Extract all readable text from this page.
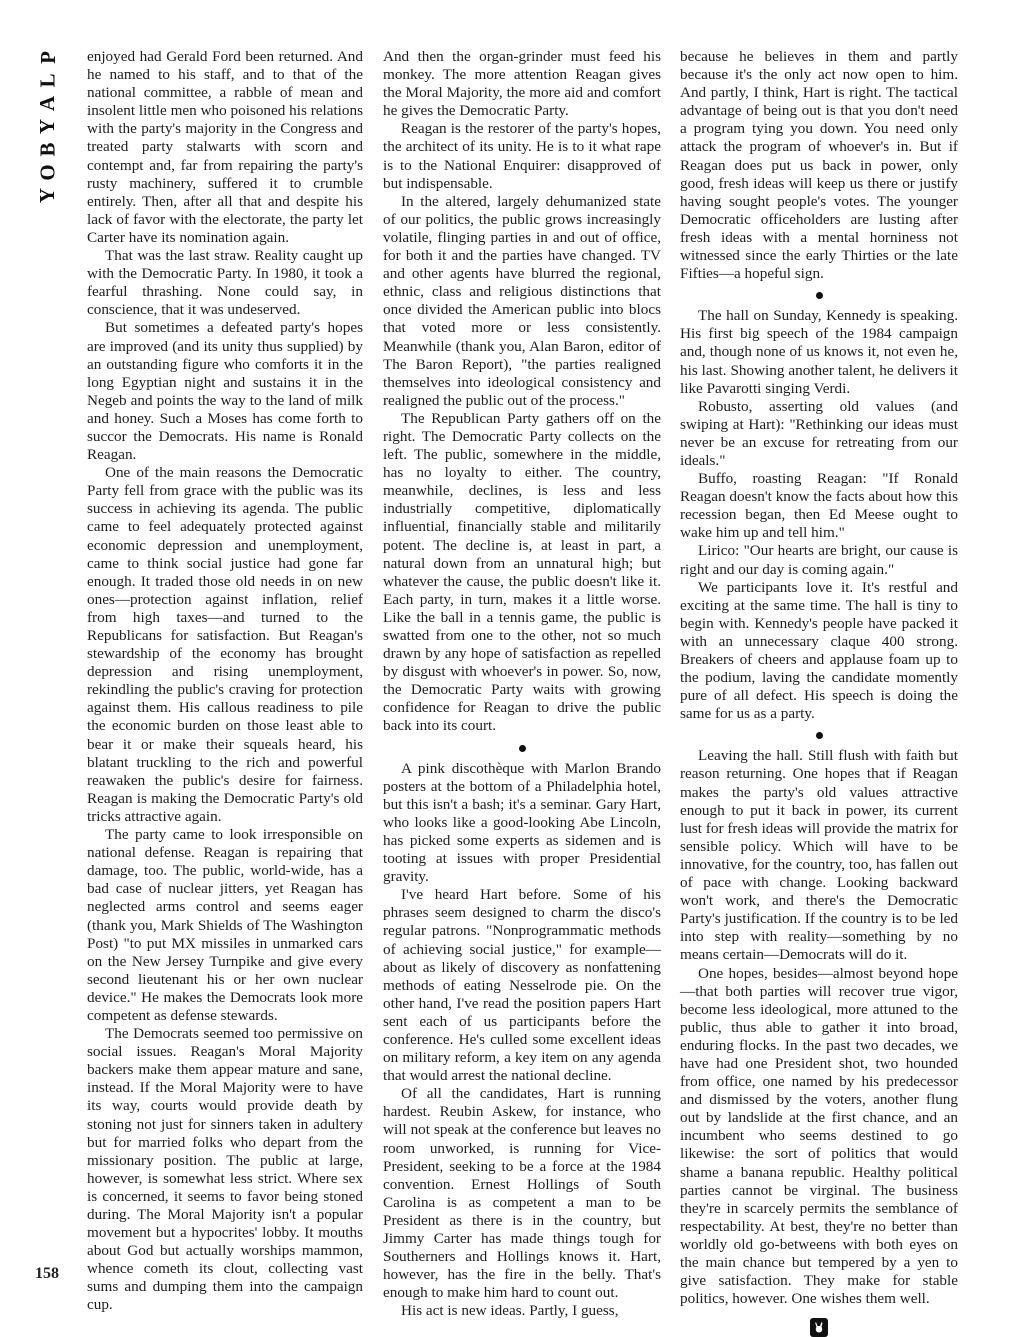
P
L
A
Y
B
O
Y
158

enjoyed had Gerald Ford been returned. And he named to his staff, and to that of the national committee, a rabble of mean and insolent little men who poisoned his relations with the party's majority in the Congress and treated party stalwarts with scorn and contempt and, far from repairing the party's rusty machinery, suffered it to crumble entirely. Then, after all that and despite his lack of favor with the electorate, the party let Carter have its nomination again.

That was the last straw. Reality caught up with the Democratic Party. In 1980, it took a fearful thrashing. None could say, in conscience, that it was undeserved.

But sometimes a defeated party's hopes are improved (and its unity thus supplied) by an outstanding figure who comforts it in the long Egyptian night and sustains it in the Negeb and points the way to the land of milk and honey. Such a Moses has come forth to succor the Democrats. His name is Ronald Reagan.

One of the main reasons the Democratic Party fell from grace with the public was its success in achieving its agenda. The public came to feel adequately protected against economic depression and unemployment, came to think social justice had gone far enough. It traded those old needs in on new ones—protection against inflation, relief from high taxes—and turned to the Republicans for satisfaction. But Reagan's stewardship of the economy has brought depression and rising unemployment, rekindling the public's craving for protection against them. His callous readiness to pile the economic burden on those least able to bear it or make their squeals heard, his blatant truckling to the rich and powerful reawaken the public's desire for fairness. Reagan is making the Democratic Party's old tricks attractive again.

The party came to look irresponsible on national defense. Reagan is repairing that damage, too. The public, world-wide, has a bad case of nuclear jitters, yet Reagan has neglected arms control and seems eager (thank you, Mark Shields of The Washington Post) "to put MX missiles in unmarked cars on the New Jersey Turnpike and give every second lieutenant his or her own nuclear device." He makes the Democrats look more competent as defense stewards.

The Democrats seemed too permissive on social issues. Reagan's Moral Majority backers make them appear mature and sane, instead. If the Moral Majority were to have its way, courts would provide death by stoning not just for sinners taken in adultery but for married folks who depart from the missionary position. The public at large, however, is somewhat less strict. Where sex is concerned, it seems to favor being stoned during. The Moral Majority isn't a popular movement but a hypocrites' lobby. It mouths about God but actually worships mammon, whence cometh its clout, collecting vast sums and dumping them into the campaign cup.

And then the organ-grinder must feed his monkey. The more attention Reagan gives the Moral Majority, the more aid and comfort he gives the Democratic Party.

Reagan is the restorer of the party's hopes, the architect of its unity. He is to it what rape is to the National Enquirer: disapproved of but indispensable.

In the altered, largely dehumanized state of our politics, the public grows increasingly volatile, flinging parties in and out of office, for both it and the parties have changed. TV and other agents have blurred the regional, ethnic, class and religious distinctions that once divided the American public into blocs that voted more or less consistently. Meanwhile (thank you, Alan Baron, editor of The Baron Report), "the parties realigned themselves into ideological consistency and realigned the public out of the process."

The Republican Party gathers off on the right. The Democratic Party collects on the left. The public, somewhere in the middle, has no loyalty to either. The country, meanwhile, declines, is less and less industrially competitive, diplomatically influential, financially stable and militarily potent. The decline is, at least in part, a natural down from an unnatural high; but whatever the cause, the public doesn't like it. Each party, in turn, makes it a little worse. Like the ball in a tennis game, the public is swatted from one to the other, not so much drawn by any hope of satisfaction as repelled by disgust with whoever's in power. So, now, the Democratic Party waits with growing confidence for Reagan to drive the public back into its court.

A pink discothèque with Marlon Brando posters at the bottom of a Philadelphia hotel, but this isn't a bash; it's a seminar. Gary Hart, who looks like a good-looking Abe Lincoln, has picked some experts as sidemen and is tooting at issues with proper Presidential gravity.

I've heard Hart before. Some of his phrases seem designed to charm the disco's regular patrons. "Nonprogrammatic methods of achieving social justice," for example—about as likely of discovery as nonfattening methods of eating Nesselrode pie. On the other hand, I've read the position papers Hart sent each of us participants before the conference. He's culled some excellent ideas on military reform, a key item on any agenda that would arrest the national decline.

Of all the candidates, Hart is running hardest. Reubin Askew, for instance, who will not speak at the conference but leaves no room unworked, is running for Vice-President, seeking to be a force at the 1984 convention. Ernest Hollings of South Carolina is as competent a man to be President as there is in the country, but Jimmy Carter has made things tough for Southerners and Hollings knows it. Hart, however, has the fire in the belly. That's enough to make him hard to count out.

His act is new ideas. Partly, I guess,

because he believes in them and partly because it's the only act now open to him. And partly, I think, Hart is right. The tactical advantage of being out is that you don't need a program tying you down. You need only attack the program of whoever's in. But if Reagan does put us back in power, only good, fresh ideas will keep us there or justify having sought people's votes. The younger Democratic officeholders are lusting after fresh ideas with a mental horniness not witnessed since the early Thirties or the late Fifties—a hopeful sign.

The hall on Sunday, Kennedy is speaking. His first big speech of the 1984 campaign and, though none of us knows it, not even he, his last. Showing another talent, he delivers it like Pavarotti singing Verdi.

Robusto, asserting old values (and swiping at Hart): "Rethinking our ideas must never be an excuse for retreating from our ideals."

Buffo, roasting Reagan: "If Ronald Reagan doesn't know the facts about how this recession began, then Ed Meese ought to wake him up and tell him."

Lirico: "Our hearts are bright, our cause is right and our day is coming again."

We participants love it. It's restful and exciting at the same time. The hall is tiny to begin with. Kennedy's people have packed it with an unnecessary claque 400 strong. Breakers of cheers and applause foam up to the podium, laving the candidate momently pure of all defect. His speech is doing the same for us as a party.

Leaving the hall. Still flush with faith but reason returning. One hopes that if Reagan makes the party's old values attractive enough to put it back in power, its current lust for fresh ideas will provide the matrix for sensible policy. Which will have to be innovative, for the country, too, has fallen out of pace with change. Looking backward won't work, and there's the Democratic Party's justification. If the country is to be led into step with reality—something by no means certain—Democrats will do it.

One hopes, besides—almost beyond hope—that both parties will recover true vigor, become less ideological, more attuned to the public, thus able to gather it into broad, enduring flocks. In the past two decades, we have had one President shot, two hounded from office, one named by his predecessor and dismissed by the voters, another flung out by landslide at the first chance, and an incumbent who seems destined to go likewise: the sort of politics that would shame a banana republic. Healthy political parties cannot be virginal. The business they're in scarcely permits the semblance of respectability. At best, they're no better than worldly old go-betweens with both eyes on the main chance but tempered by a yen to give satisfaction. They make for stable politics, however. One wishes them well.
